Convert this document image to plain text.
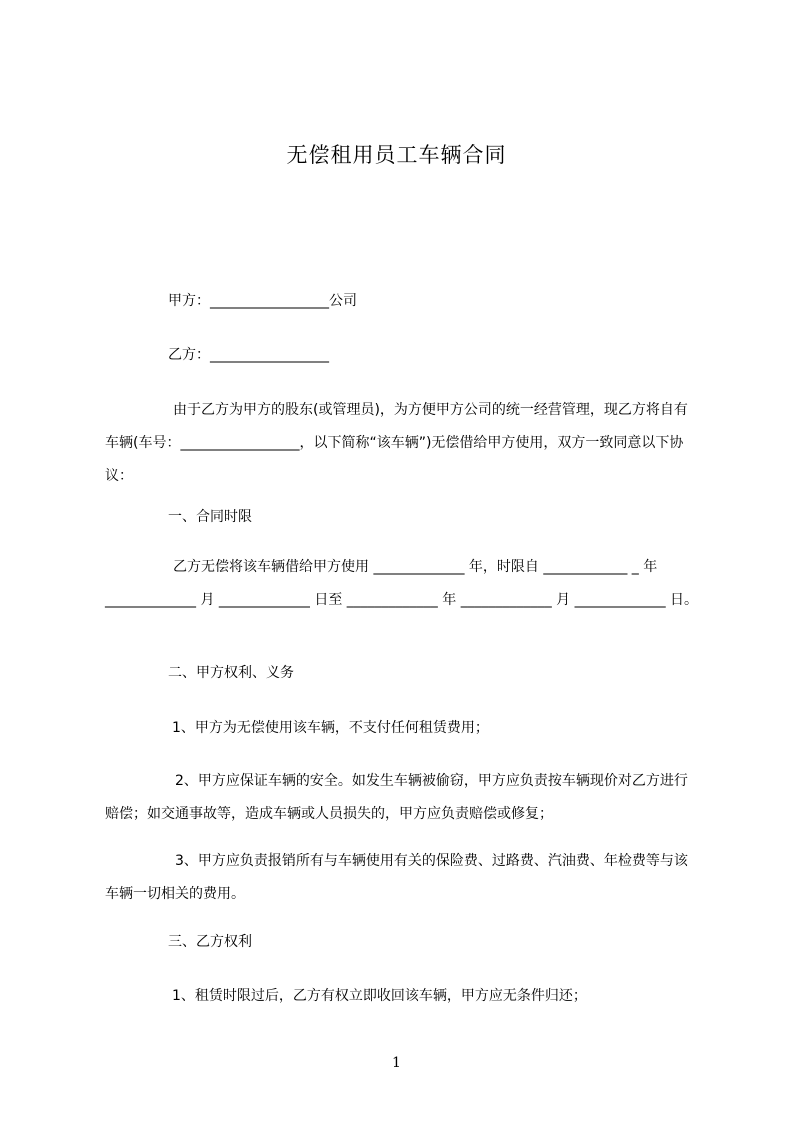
无偿租用员工车辆合同
甲方：_________________公司
乙方：_________________
由于乙方为甲方的股东(或管理员)，为方便甲方公司的统一经营管理，现乙方将自有车辆(车号：_________________，以下简称“该车辆”)无偿借给甲方使用，双方一致同意以下协议：
一、合同时限
乙方无偿将该车辆借给甲方使用 _____________ 年，时限自 ____________ _ 年 _____________ 月 _____________ 日至 _____________ 年 _____________ 月 _____________ 日。
二、甲方权利、义务
1、甲方为无偿使用该车辆，不支付任何租赁费用；
2、甲方应保证车辆的安全。如发生车辆被偷窃，甲方应负责按车辆现价对乙方进行赔偿；如交通事故等，造成车辆或人员损失的，甲方应负责赔偿或修复；
3、甲方应负责报销所有与车辆使用有关的保险费、过路费、汽油费、年检费等与该车辆一切相关的费用。
三、乙方权利
1、租赁时限过后，乙方有权立即收回该车辆，甲方应无条件归还；
1
